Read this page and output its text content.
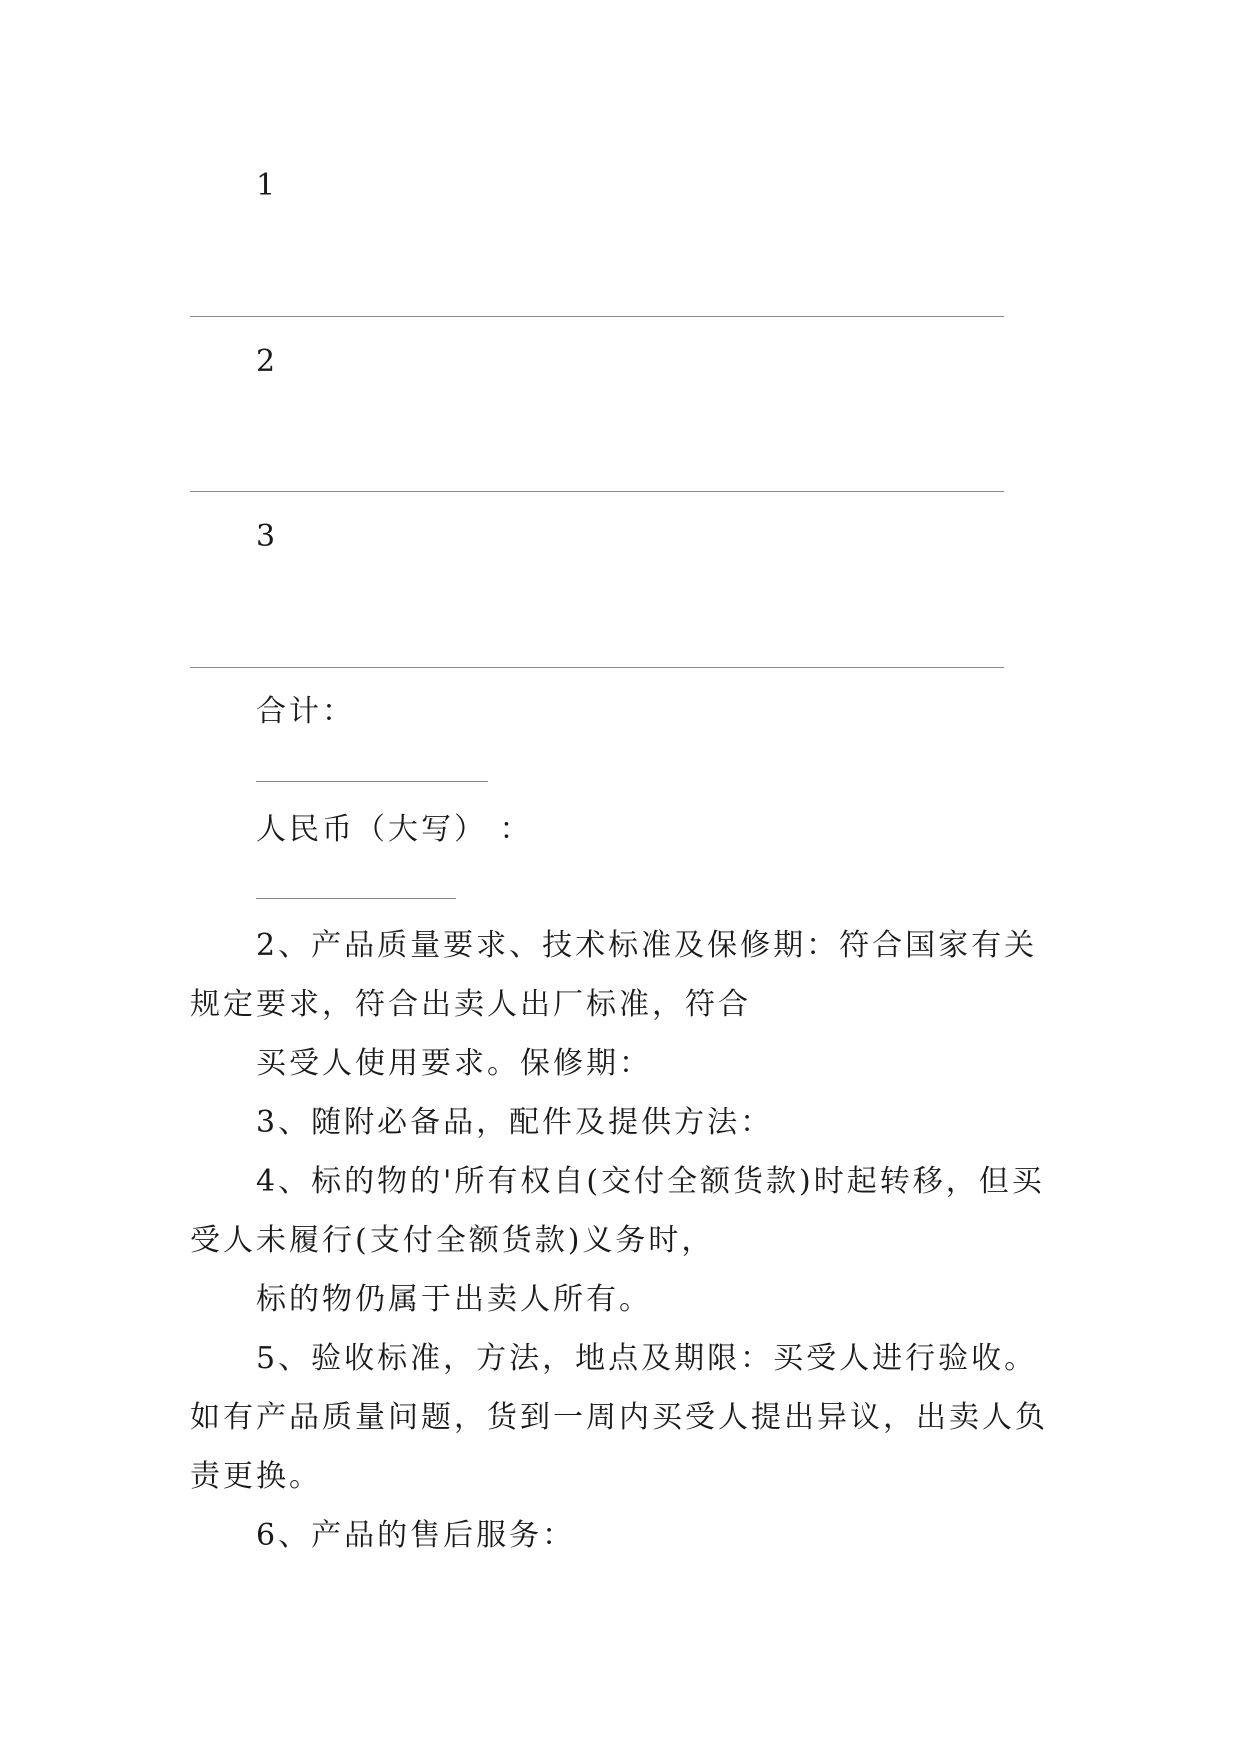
1
2
3
合计：
人民币（大写） ：
2、产品质量要求、技术标准及保修期：符合国家有关
规定要求，符合出卖人出厂标准，符合
买受人使用要求。保修期：
3、随附必备品，配件及提供方法：
4、标的物的'所有权自(交付全额货款)时起转移，但买
受人未履行(支付全额货款)义务时，
标的物仍属于出卖人所有。
5、验收标准，方法，地点及期限：买受人进行验收。
如有产品质量问题，货到一周内买受人提出异议，出卖人负
责更换。
6、产品的售后服务：
